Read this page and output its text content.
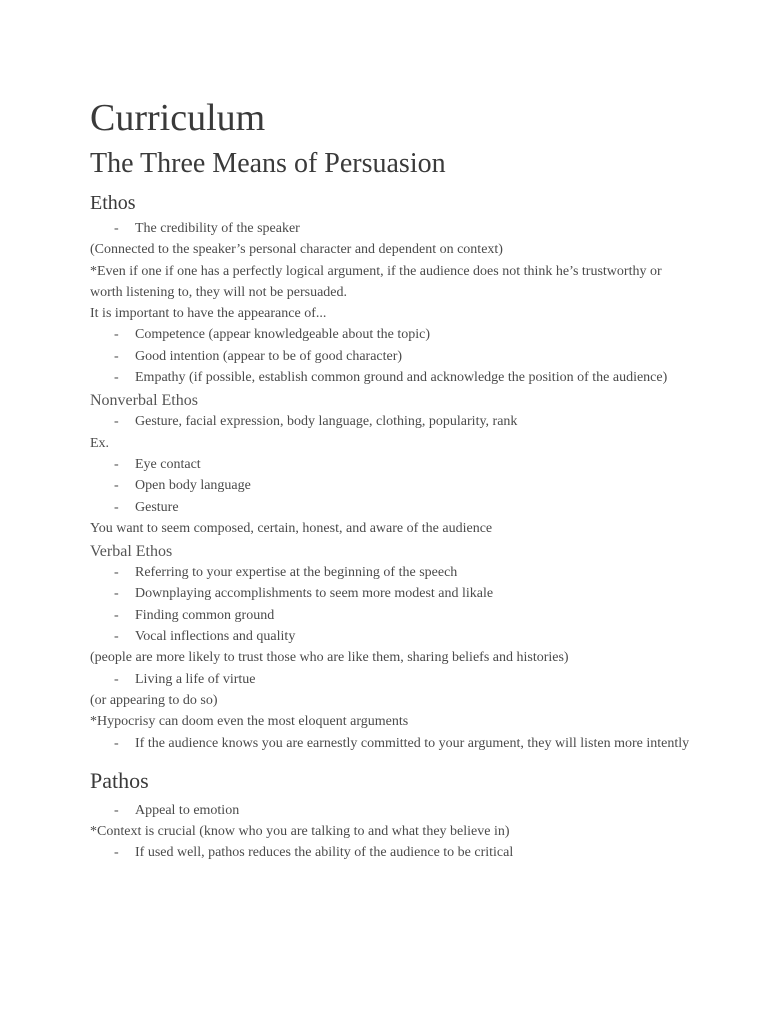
Curriculum
The Three Means of Persuasion
Ethos
- The credibility of the speaker

(Connected to the speaker’s personal character and dependent on context)

*Even if one if one has a perfectly logical argument, if the audience does not think he’s trustworthy or worth listening to, they will not be persuaded.

It is important to have the appearance of...

- Competence (appear knowledgeable about the topic)
- Good intention (appear to be of good character)
- Empathy (if possible, establish common ground and acknowledge the position of the audience)
Nonverbal Ethos
- Gesture, facial expression, body language, clothing, popularity, rank

Ex.

- Eye contact
- Open body language
- Gesture

You want to seem composed, certain, honest, and aware of the audience

Verbal Ethos
- Referring to your expertise at the beginning of the speech
- Downplaying accomplishments to seem more modest and likale
- Finding common ground
- Vocal inflections and quality

(people are more likely to trust those who are like them, sharing beliefs and histories)

- Living a life of virtue

(or appearing to do so)

*Hypocrisy can doom even the most eloquent arguments

- If the audience knows you are earnestly committed to your argument, they will listen more intently
Pathos
- Appeal to emotion

*Context is crucial (know who you are talking to and what they believe in)

- If used well, pathos reduces the ability of the audience to be critical
